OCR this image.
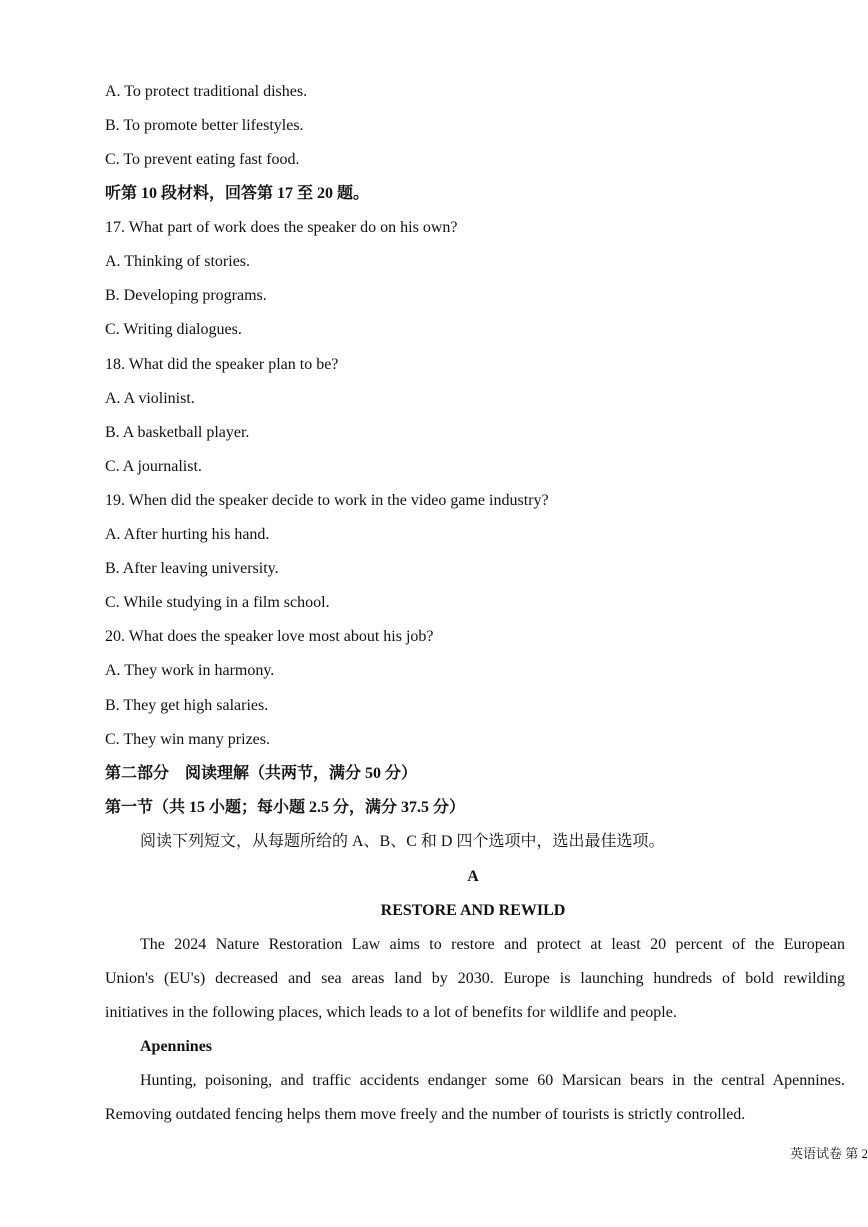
A. To protect traditional dishes.
B. To promote better lifestyles.
C. To prevent eating fast food.
听第 10 段材料，回答第 17 至 20 题。
17. What part of work does the speaker do on his own?
A. Thinking of stories.
B. Developing programs.
C. Writing dialogues.
18. What did the speaker plan to be?
A. A violinist.
B. A basketball player.
C. A journalist.
19. When did the speaker decide to work in the video game industry?
A. After hurting his hand.
B. After leaving university.
C. While studying in a film school.
20. What does the speaker love most about his job?
A. They work in harmony.
B. They get high salaries.
C. They win many prizes.
第二部分　阅读理解（共两节，满分 50 分）
第一节（共 15 小题；每小题 2.5 分，满分 37.5 分）
阅读下列短文，从每题所给的 A、B、C 和 D 四个选项中，选出最佳选项。
A
RESTORE AND REWILD
The 2024 Nature Restoration Law aims to restore and protect at least 20 percent of the European
Union's (EU's) decreased and sea areas land by 2030. Europe is launching hundreds of bold rewilding
initiatives in the following places, which leads to a lot of benefits for wildlife and people.
Apennines
Hunting, poisoning, and traffic accidents endanger some 60 Marsican bears in the central Apennines.
Removing outdated fencing helps them move freely and the number of tourists is strictly controlled.
英语试卷 第 2
